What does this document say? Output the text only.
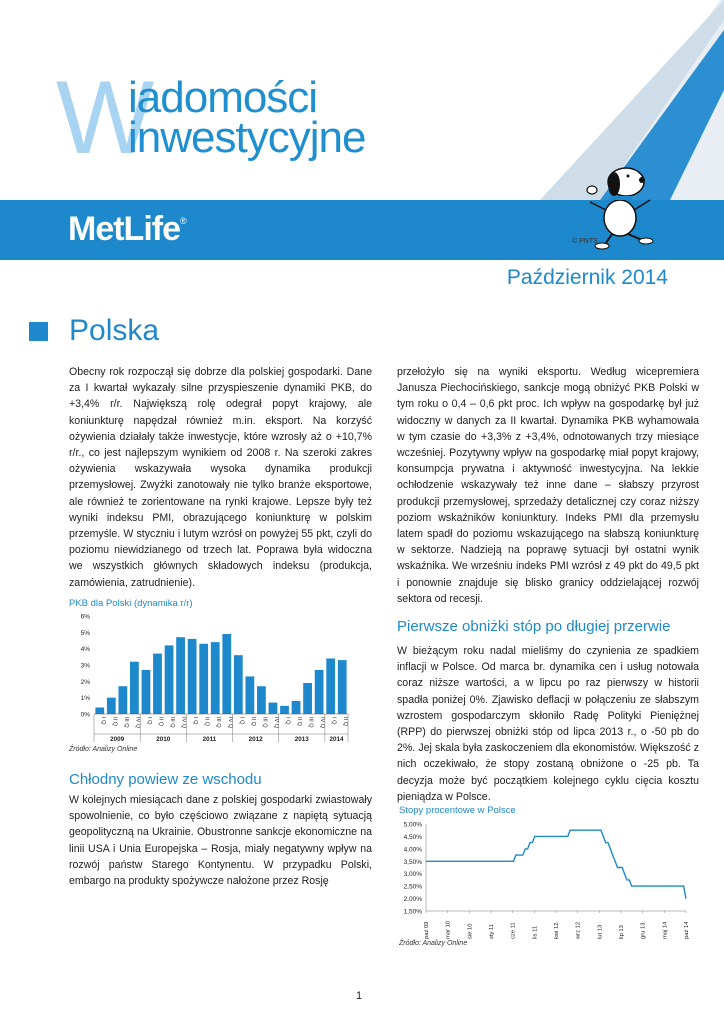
W
iadomości
inwestycyjne
MetLife®
© PNTS
Październik 2014
Polska
Obecny rok rozpoczął się dobrze dla polskiej gospodarki. Dane za I kwartał wykazały silne przyspieszenie dynamiki PKB, do +3,4% r/r. Największą rolę odegrał popyt krajowy, ale koniunkturę napędzał również m.in. eksport. Na korzyść ożywienia działały także inwestycje, które wzrosły aż o +10,7% r/r., co jest najlepszym wynikiem od 2008 r. Na szeroki zakres ożywienia wskazywała wysoka dynamika produkcji przemysłowej. Zwyżki zanotowały nie tylko branże eksportowe, ale również te zorientowane na rynki krajowe. Lepsze były też wyniki indeksu PMI, obrazującego koniunkturę w polskim przemyśle. W styczniu i lutym wzrósł on powyżej 55 pkt, czyli do poziomu niewidzianego od trzech lat. Poprawa była widoczna we wszystkich głównych składowych indeksu (produkcja, zamówienia, zatrudnienie).
PKB dla Polski (dynamika r/r)
0%
1%
2%
3%
4%
5%
6%
I Q II Q III Q IV Q I Q II Q III Q IV Q I Q II Q III Q IV Q I Q II Q III Q IV Q I Q II Q III Q IV Q I Q II Q
2009	2010	2011	2012	2013	2014
Źródło: Analizy Online
Chłodny powiew ze wschodu
W kolejnych miesiącach dane z polskiej gospodarki zwiastowały spowolnienie, co było częściowo związane z napiętą sytuacją geopolityczną na Ukrainie. Obustronne sankcje ekonomiczne na linii USA i Unia Europejska – Rosja, miały negatywny wpływ na rozwój państw Starego Kontynentu. W przypadku Polski, embargo na produkty spożywcze nałożone przez Rosję
przełożyło się na wyniki eksportu. Według wicepremiera Janusza Piechocińskiego, sankcje mogą obniżyć PKB Polski w tym roku o 0,4 – 0,6 pkt proc. Ich wpływ na gospodarkę był już widoczny w danych za II kwartał. Dynamika PKB wyhamowała w tym czasie do +3,3% z +3,4%, odnotowanych trzy miesiące wcześniej. Pozytywny wpływ na gospodarkę miał popyt krajowy, konsumpcja prywatna i aktywność inwestycyjna. Na lekkie ochłodzenie wskazywały też inne dane – słabszy przyrost produkcji przemysłowej, sprzedaży detalicznej czy coraz niższy poziom wskaźników koniunktury. Indeks PMI dla przemysłu latem spadł do poziomu wskazującego na słabszą koniunkturę w sektorze. Nadzieją na poprawę sytuacji był ostatni wynik wskaźnika. We wrześniu indeks PMI wzrósł z 49 pkt do 49,5 pkt i ponownie znajduje się blisko granicy oddzielającej rozwój sektora od recesji.
Pierwsze obniżki stóp po długiej przerwie
W bieżącym roku nadal mieliśmy do czynienia ze spadkiem inflacji w Polsce. Od marca br. dynamika cen i usług notowała coraz niższe wartości, a w lipcu po raz pierwszy w historii spadła poniżej 0%. Zjawisko deflacji w połączeniu ze słabszym wzrostem gospodarczym skłoniło Radę Polityki Pieniężnej (RPP) do pierwszej obniżki stóp od lipca 2013 r., o -50 pb do 2%. Jej skala była zaskoczeniem dla ekonomistów. Większość z nich oczekiwało, że stopy zostaną obniżone o -25 pb. Ta decyzja może być początkiem kolejnego cyklu cięcia kosztu pieniądza w Polsce.
Stopy procentowe w Polsce
1,50%
2,00%
2,50%
3,00%
3,50%
4,00%
4,50%
5,00%
paź 09	mar 10	sie 10	sty 11	cze 11	lis 11	kwi 12	wrz 12	lut 13	lip 13	gru 13	maj 14	paź 14
Źródło: Analizy Online
1
